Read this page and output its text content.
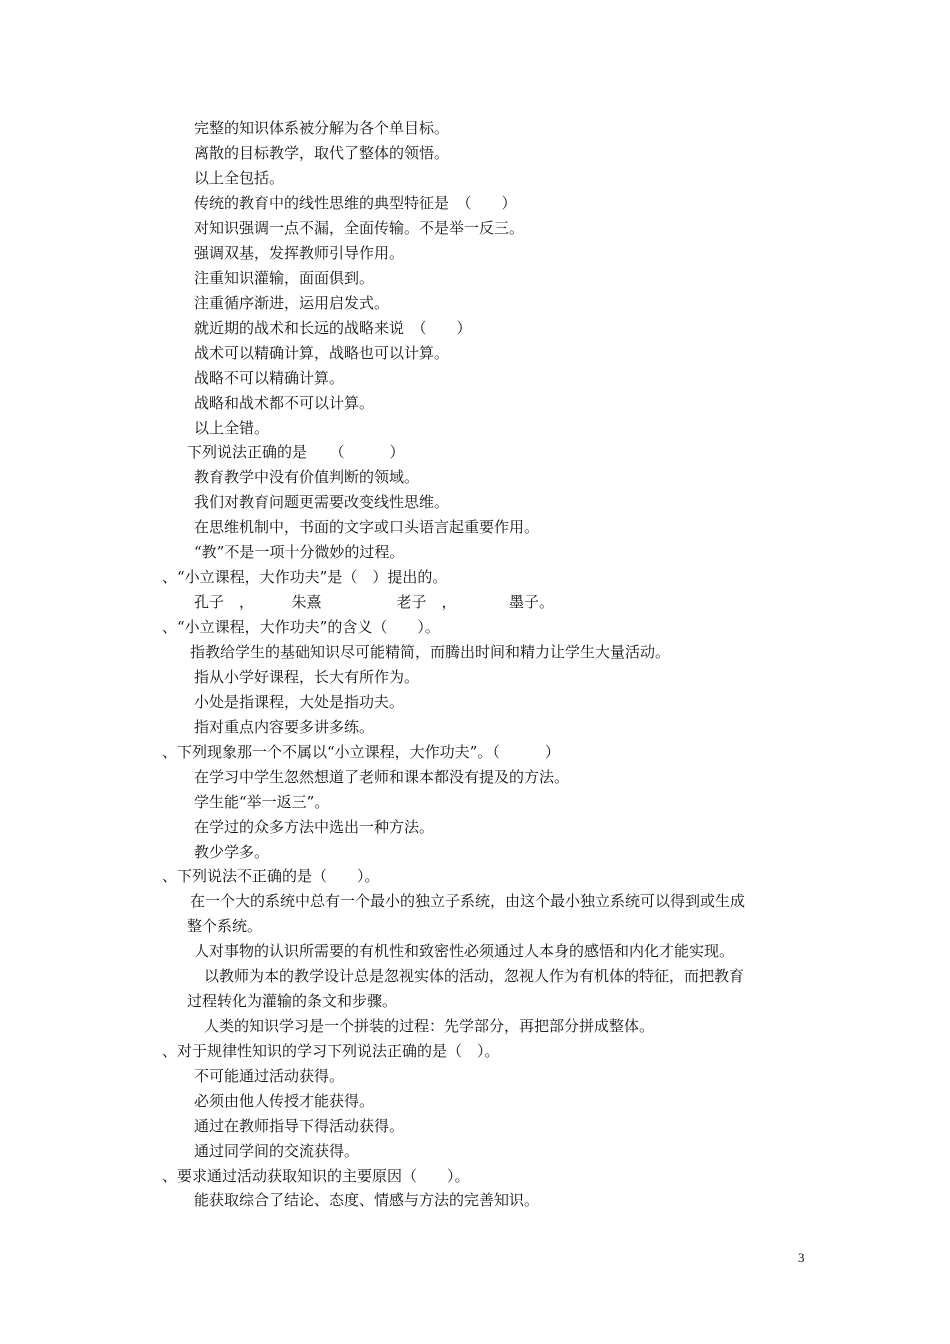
完整的知识体系被分解为各个单目标。
离散的目标教学，取代了整体的领悟。
以上全包括。
传统的教育中的线性思维的典型特征是　（　　）
对知识强调一点不漏，全面传输。不是举一反三。
强调双基，发挥教师引导作用。
注重知识灌输，面面俱到。
注重循序渐进，运用启发式。
就近期的战术和长远的战略来说　（　　）
战术可以精确计算，战略也可以计算。
战略不可以精确计算。
战略和战术都不可以计算。
以上全错。
下列说法正确的是　　（　　　）
教育教学中没有价值判断的领域。
我们对教育问题更需要改变线性思维。
在思维机制中，书面的文字或口头语言起重要作用。
“教”不是一项十分微妙的过程。
、“小立课程，大作功夫”是（　）提出的。
孔子　，　　　朱熹　　　　　老子　，　　　　墨子。
、“小立课程，大作功夫”的含义（　　）。
指教给学生的基础知识尽可能精简，而腾出时间和精力让学生大量活动。
指从小学好课程，长大有所作为。
小处是指课程，大处是指功夫。
指对重点内容要多讲多练。
、下列现象那一个不属以“小立课程，大作功夫”。（　　　）
在学习中学生忽然想道了老师和课本都没有提及的方法。
学生能“举一返三”。
在学过的众多方法中选出一种方法。
教少学多。
、下列说法不正确的是（　　）。
在一个大的系统中总有一个最小的独立子系统，由这个最小独立系统可以得到或生成
整个系统。
人对事物的认识所需要的有机性和致密性必须通过人本身的感悟和内化才能实现。
以教师为本的教学设计总是忽视实体的活动，忽视人作为有机体的特征，而把教育
过程转化为灌输的条文和步骤。
人类的知识学习是一个拼装的过程：先学部分，再把部分拼成整体。
、对于规律性知识的学习下列说法正确的是（　）。
不可能通过活动获得。
必须由他人传授才能获得。
通过在教师指导下得活动获得。
通过同学间的交流获得。
、要求通过活动获取知识的主要原因（　　）。
能获取综合了结论、态度、情感与方法的完善知识。
3
